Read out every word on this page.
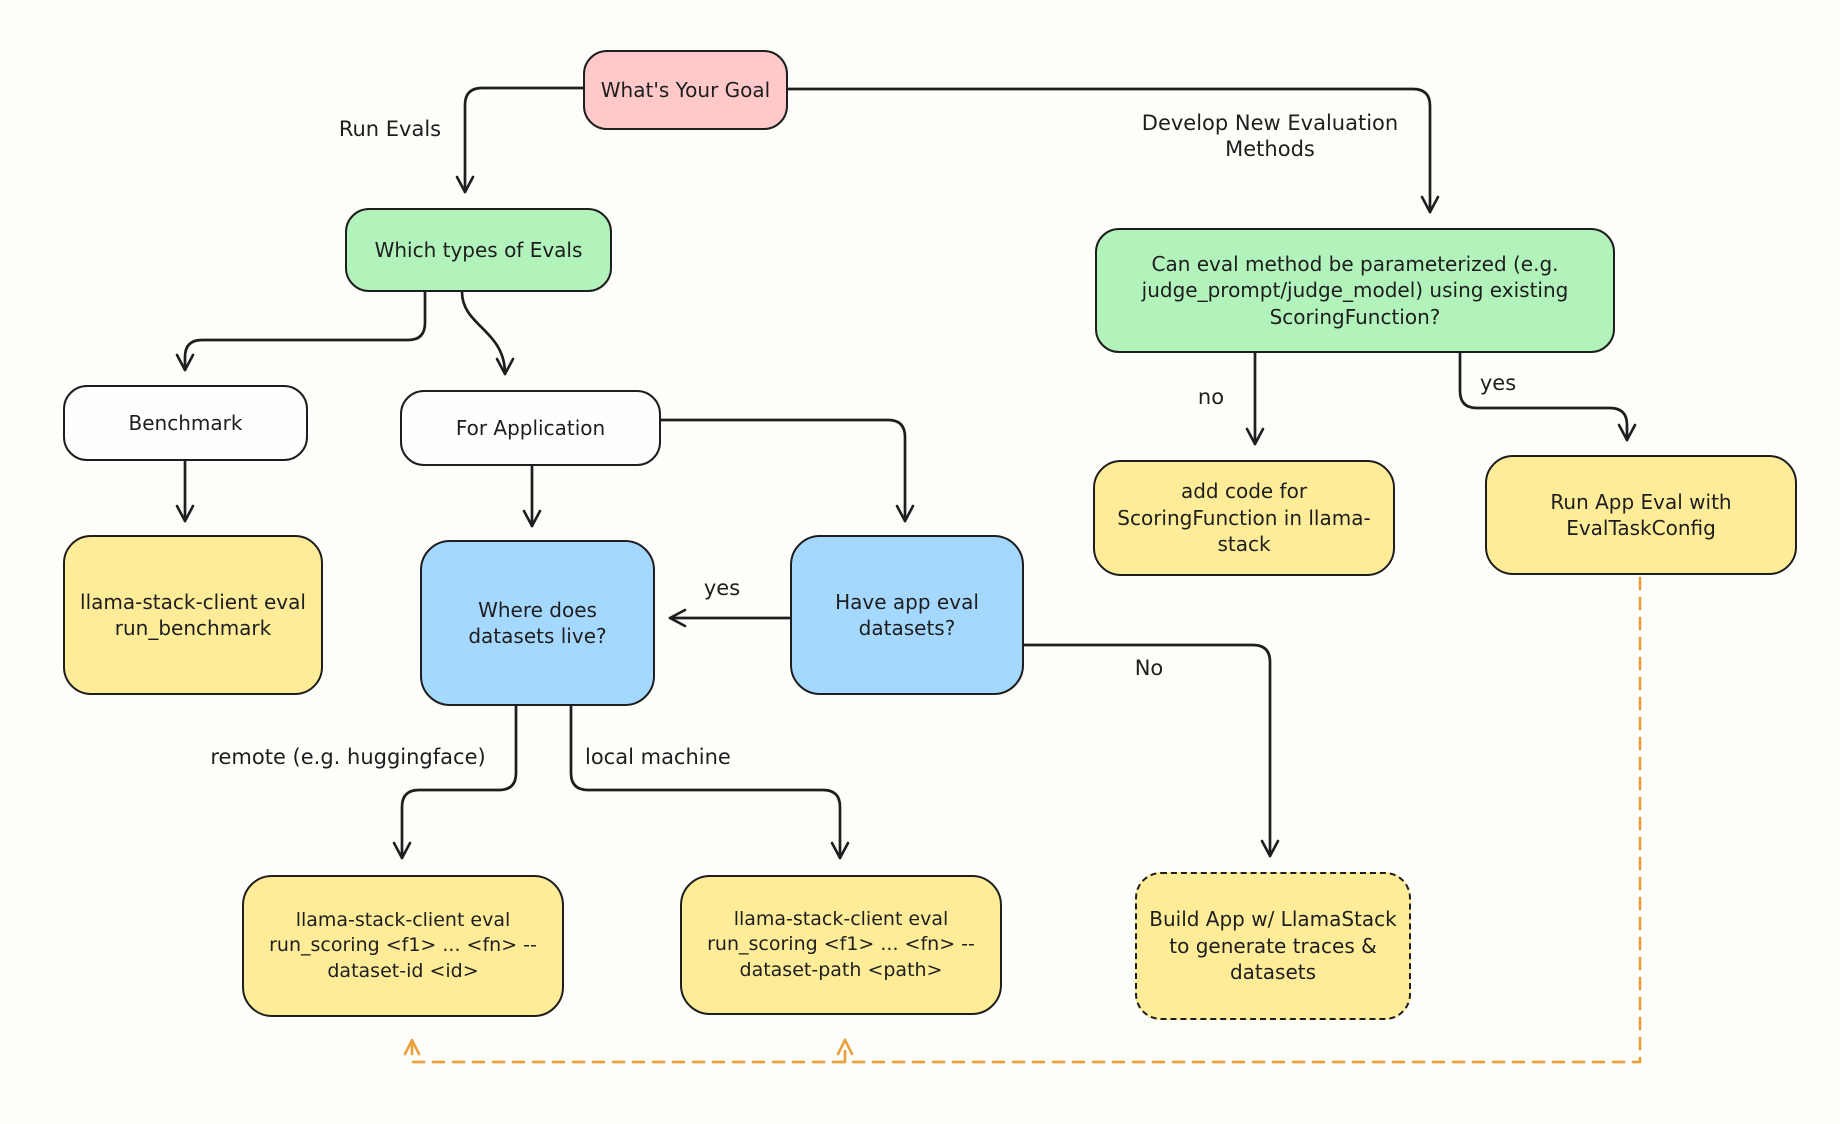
What's Your Goal
Which types of Evals
Can eval method be parameterized (e.g. judge_prompt/judge_model) using existing ScoringFunction?
Benchmark	For Application
llama-stack-client eval run_benchmark
Where does datasets live?
Have app eval datasets?
add code for ScoringFunction in llama-stack
Run App Eval with EvalTaskConfig
llama-stack-client eval run_scoring <f1> ... <fn> --dataset-id <id>
llama-stack-client eval run_scoring <f1> ... <fn> --dataset-path <path>
Build App w/ LlamaStack to generate traces & datasets
Run Evals	Develop New Evaluation Methods
no
yes
yes
No
remote (e.g. huggingface)	local machine
